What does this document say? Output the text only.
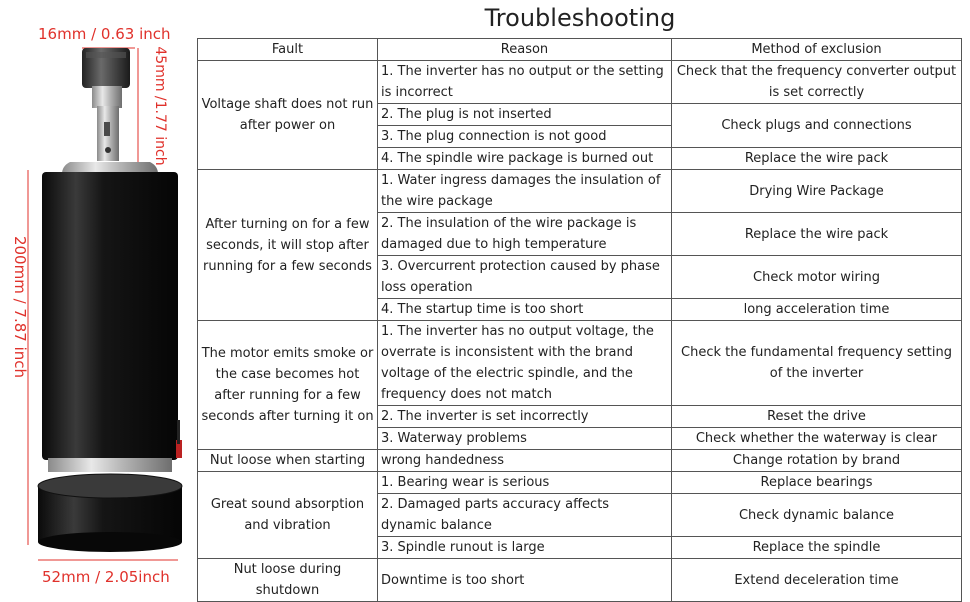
16mm / 0.63 inch
45mm /1.77 inch
200mm / 7.87 inch
52mm / 2.05inch
Troubleshooting
Fault	Reason	Method of exclusion
Voltage shaft does not run after power on	1. The inverter has no output or the setting is incorrect	Check that the frequency converter output is set correctly
	2. The plug is not inserted	Check plugs and connections
	3. The plug connection is not good	
	4. The spindle wire package is burned out	Replace the wire pack
After turning on for a few seconds, it will stop after running for a few seconds	1. Water ingress damages the insulation of the wire package	Drying Wire Package
	2. The insulation of the wire package is damaged due to high temperature	Replace the wire pack
	3. Overcurrent protection caused by phase loss operation	Check motor wiring
	4. The startup time is too short	long acceleration time
The motor emits smoke or the case becomes hot after running for a few seconds after turning it on	1. The inverter has no output voltage, the overrate is inconsistent with the brand voltage of the electric spindle, and the frequency does not match	Check the fundamental frequency setting of the inverter
	2. The inverter is set incorrectly	Reset the drive
	3. Waterway problems	Check whether the waterway is clear
Nut loose when starting	wrong handedness	Change rotation by brand
Great sound absorption and vibration	1. Bearing wear is serious	Replace bearings
	2. Damaged parts accuracy affects dynamic balance	Check dynamic balance
	3. Spindle runout is large	Replace the spindle
Nut loose during shutdown	Downtime is too short	Extend deceleration time
